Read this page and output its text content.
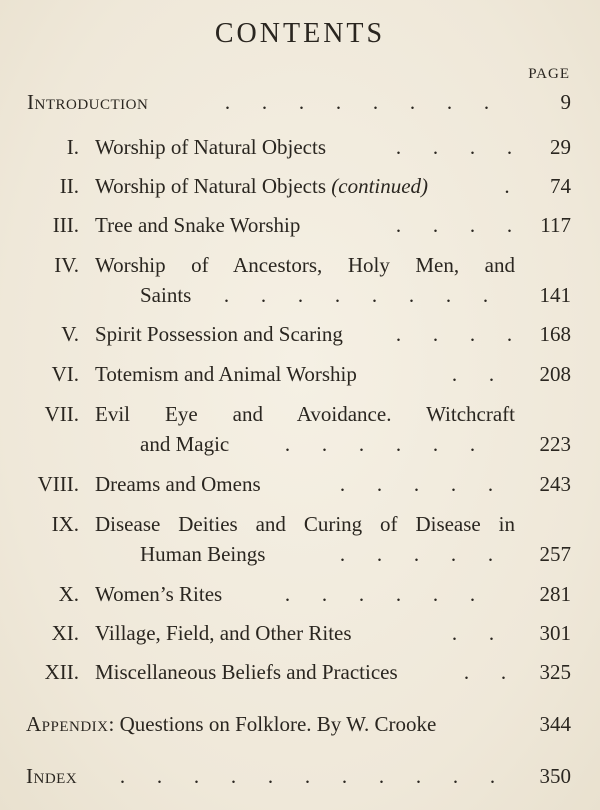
CONTENTS
PAGE
Introduction	. . . . . . . .	9
I. Worship of Natural Objects	. . . .	29
II. Worship of Natural Objects (continued)	.	74
III. Tree and Snake Worship	. . . .	117
IV. Worship of Ancestors, Holy Men, and
Saints	. . . . . . . .	141
V. Spirit Possession and Scaring	. . . .	168
VI. Totemism and Animal Worship	. .	208
VII. Evil Eye and Avoidance. Witchcraft
and Magic	. . . . . .	223
VIII. Dreams and Omens	. . . . .	243
IX. Disease Deities and Curing of Disease in
Human Beings	. . . . .	257
X. Women’s Rites	. . . . . .	281
XI. Village, Field, and Other Rites	. .	301
XII. Miscellaneous Beliefs and Practices	. .	325
Appendix: Questions on Folklore. By W. Crooke	344
Index	. . . . . . . . . . .	350
